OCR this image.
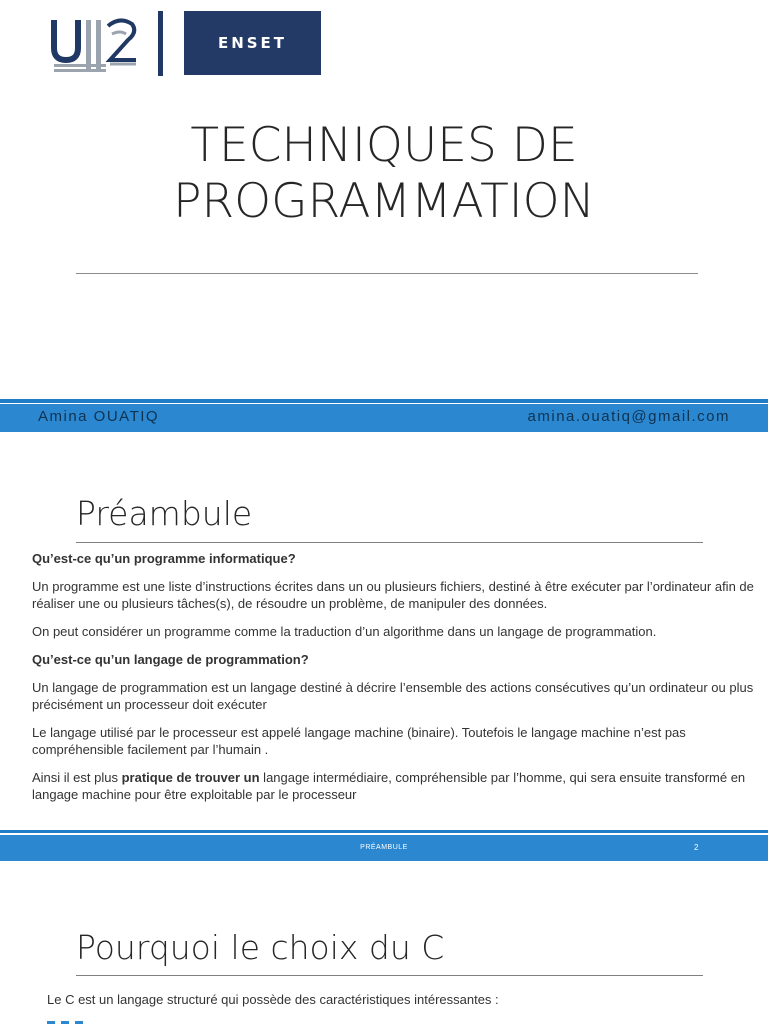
ENSET
TECHNIQUES DE
PROGRAMMATION
Amina OUATIQ	amina.ouatiq@gmail.com
Préambule

Qu’est-ce qu’un programme informatique?

Un programme est une liste d’instructions écrites dans un ou plusieurs fichiers, destiné à être exécuter par l’ordinateur afin de réaliser une ou plusieurs tâches(s), de résoudre un problème, de manipuler des données.

On peut considérer un programme comme la traduction d’un algorithme dans un langage de programmation.

Qu’est-ce qu’un langage de programmation?

Un langage de programmation est un langage destiné à décrire l’ensemble des actions consécutives qu’un ordinateur ou plus précisément un processeur doit exécuter

Le langage utilisé par le processeur est appelé langage machine (binaire). Toutefois le langage machine n’est pas compréhensible facilement par l’humain .

Ainsi il est plus pratique de trouver un langage intermédiaire, compréhensible par l’homme, qui sera ensuite transformé en langage machine pour être exploitable par le processeur

PRÉAMBULE	2
Pourquoi le choix du C
Le C est un langage structuré qui possède des caractéristiques intéressantes :
